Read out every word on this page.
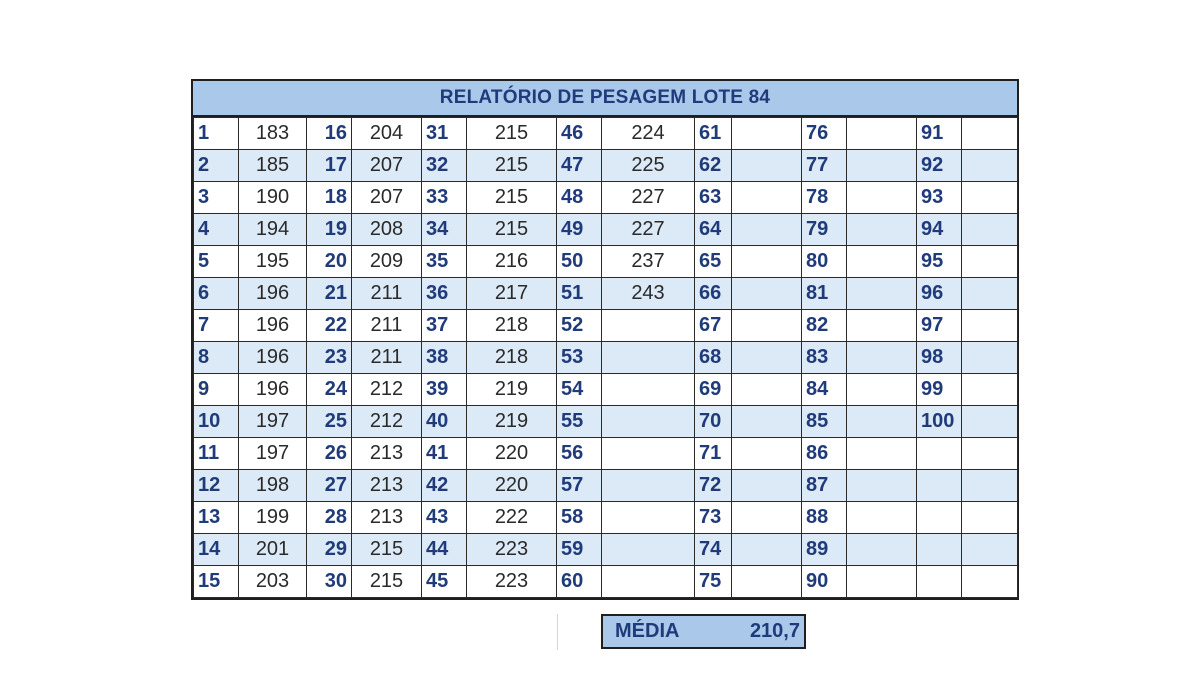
RELATÓRIO DE PESAGEM LOTE 84
1	183	16	204	31	215	46	224	61		76		91	
2	185	17	207	32	215	47	225	62		77		92	
3	190	18	207	33	215	48	227	63		78		93	
4	194	19	208	34	215	49	227	64		79		94	
5	195	20	209	35	216	50	237	65		80		95	
6	196	21	211	36	217	51	243	66		81		96	
7	196	22	211	37	218	52		67		82		97	
8	196	23	211	38	218	53		68		83		98	
9	196	24	212	39	219	54		69		84		99	
10	197	25	212	40	219	55		70		85		100	
11	197	26	213	41	220	56		71		86			
12	198	27	213	42	220	57		72		87			
13	199	28	213	43	222	58		73		88			
14	201	29	215	44	223	59		74		89			
15	203	30	215	45	223	60		75		90			
MÉDIA	210,7
